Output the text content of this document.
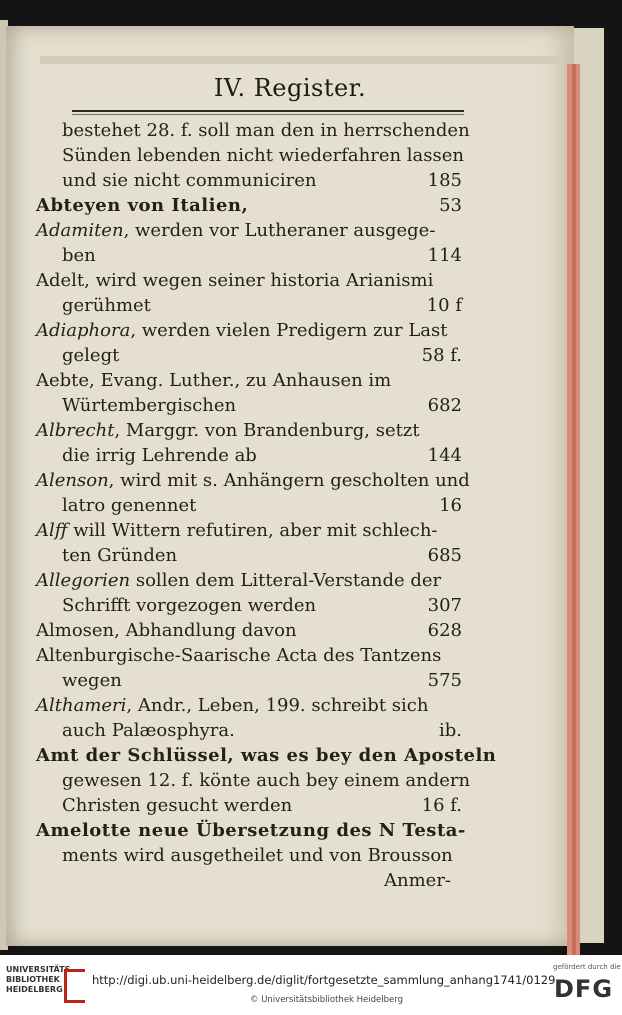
IV. Register.
bestehet 28. f. soll man den in herrschenden
Sünden lebenden nicht wiederfahren lassen
und sie nicht communiciren	185
Abteyen von Italien,	53
Adamiten, werden vor Lutheraner ausgege-
ben	114
Adelt, wird wegen seiner historia Arianismi
gerühmet	10 f
Adiaphora, werden vielen Predigern zur Last
gelegt	58 f.
Aebte, Evang. Luther., zu Anhausen im
Würtembergischen	682
Albrecht, Marggr. von Brandenburg, setzt
die irrig Lehrende ab	144
Alenson, wird mit s. Anhängern gescholten und
latro genennet	16
Alff will Wittern refutiren, aber mit schlech-
ten Gründen	685
Allegorien sollen dem Litteral-Verstande der
Schrifft vorgezogen werden	307
Almosen, Abhandlung davon	628
Altenburgische-Saarische Acta des Tantzens
wegen	575
Althameri, Andr., Leben, 199. schreibt sich
auch Palæosphyra.	ib.
Amt der Schlüssel, was es bey den Aposteln
gewesen 12. f. könte auch bey einem andern
Christen gesucht werden	16 f.
Amelotte neue Übersetzung des N Testa-
ments wird ausgetheilet und von Brousson
Anmer-
UNIVERSITÄTS-BIBLIOTHEK HEIDELBERG
http://digi.ub.uni-heidelberg.de/diglit/fortgesetzte_sammlung_anhang1741/0129
© Universitätsbibliothek Heidelberg
gefördert durch die
DFG
